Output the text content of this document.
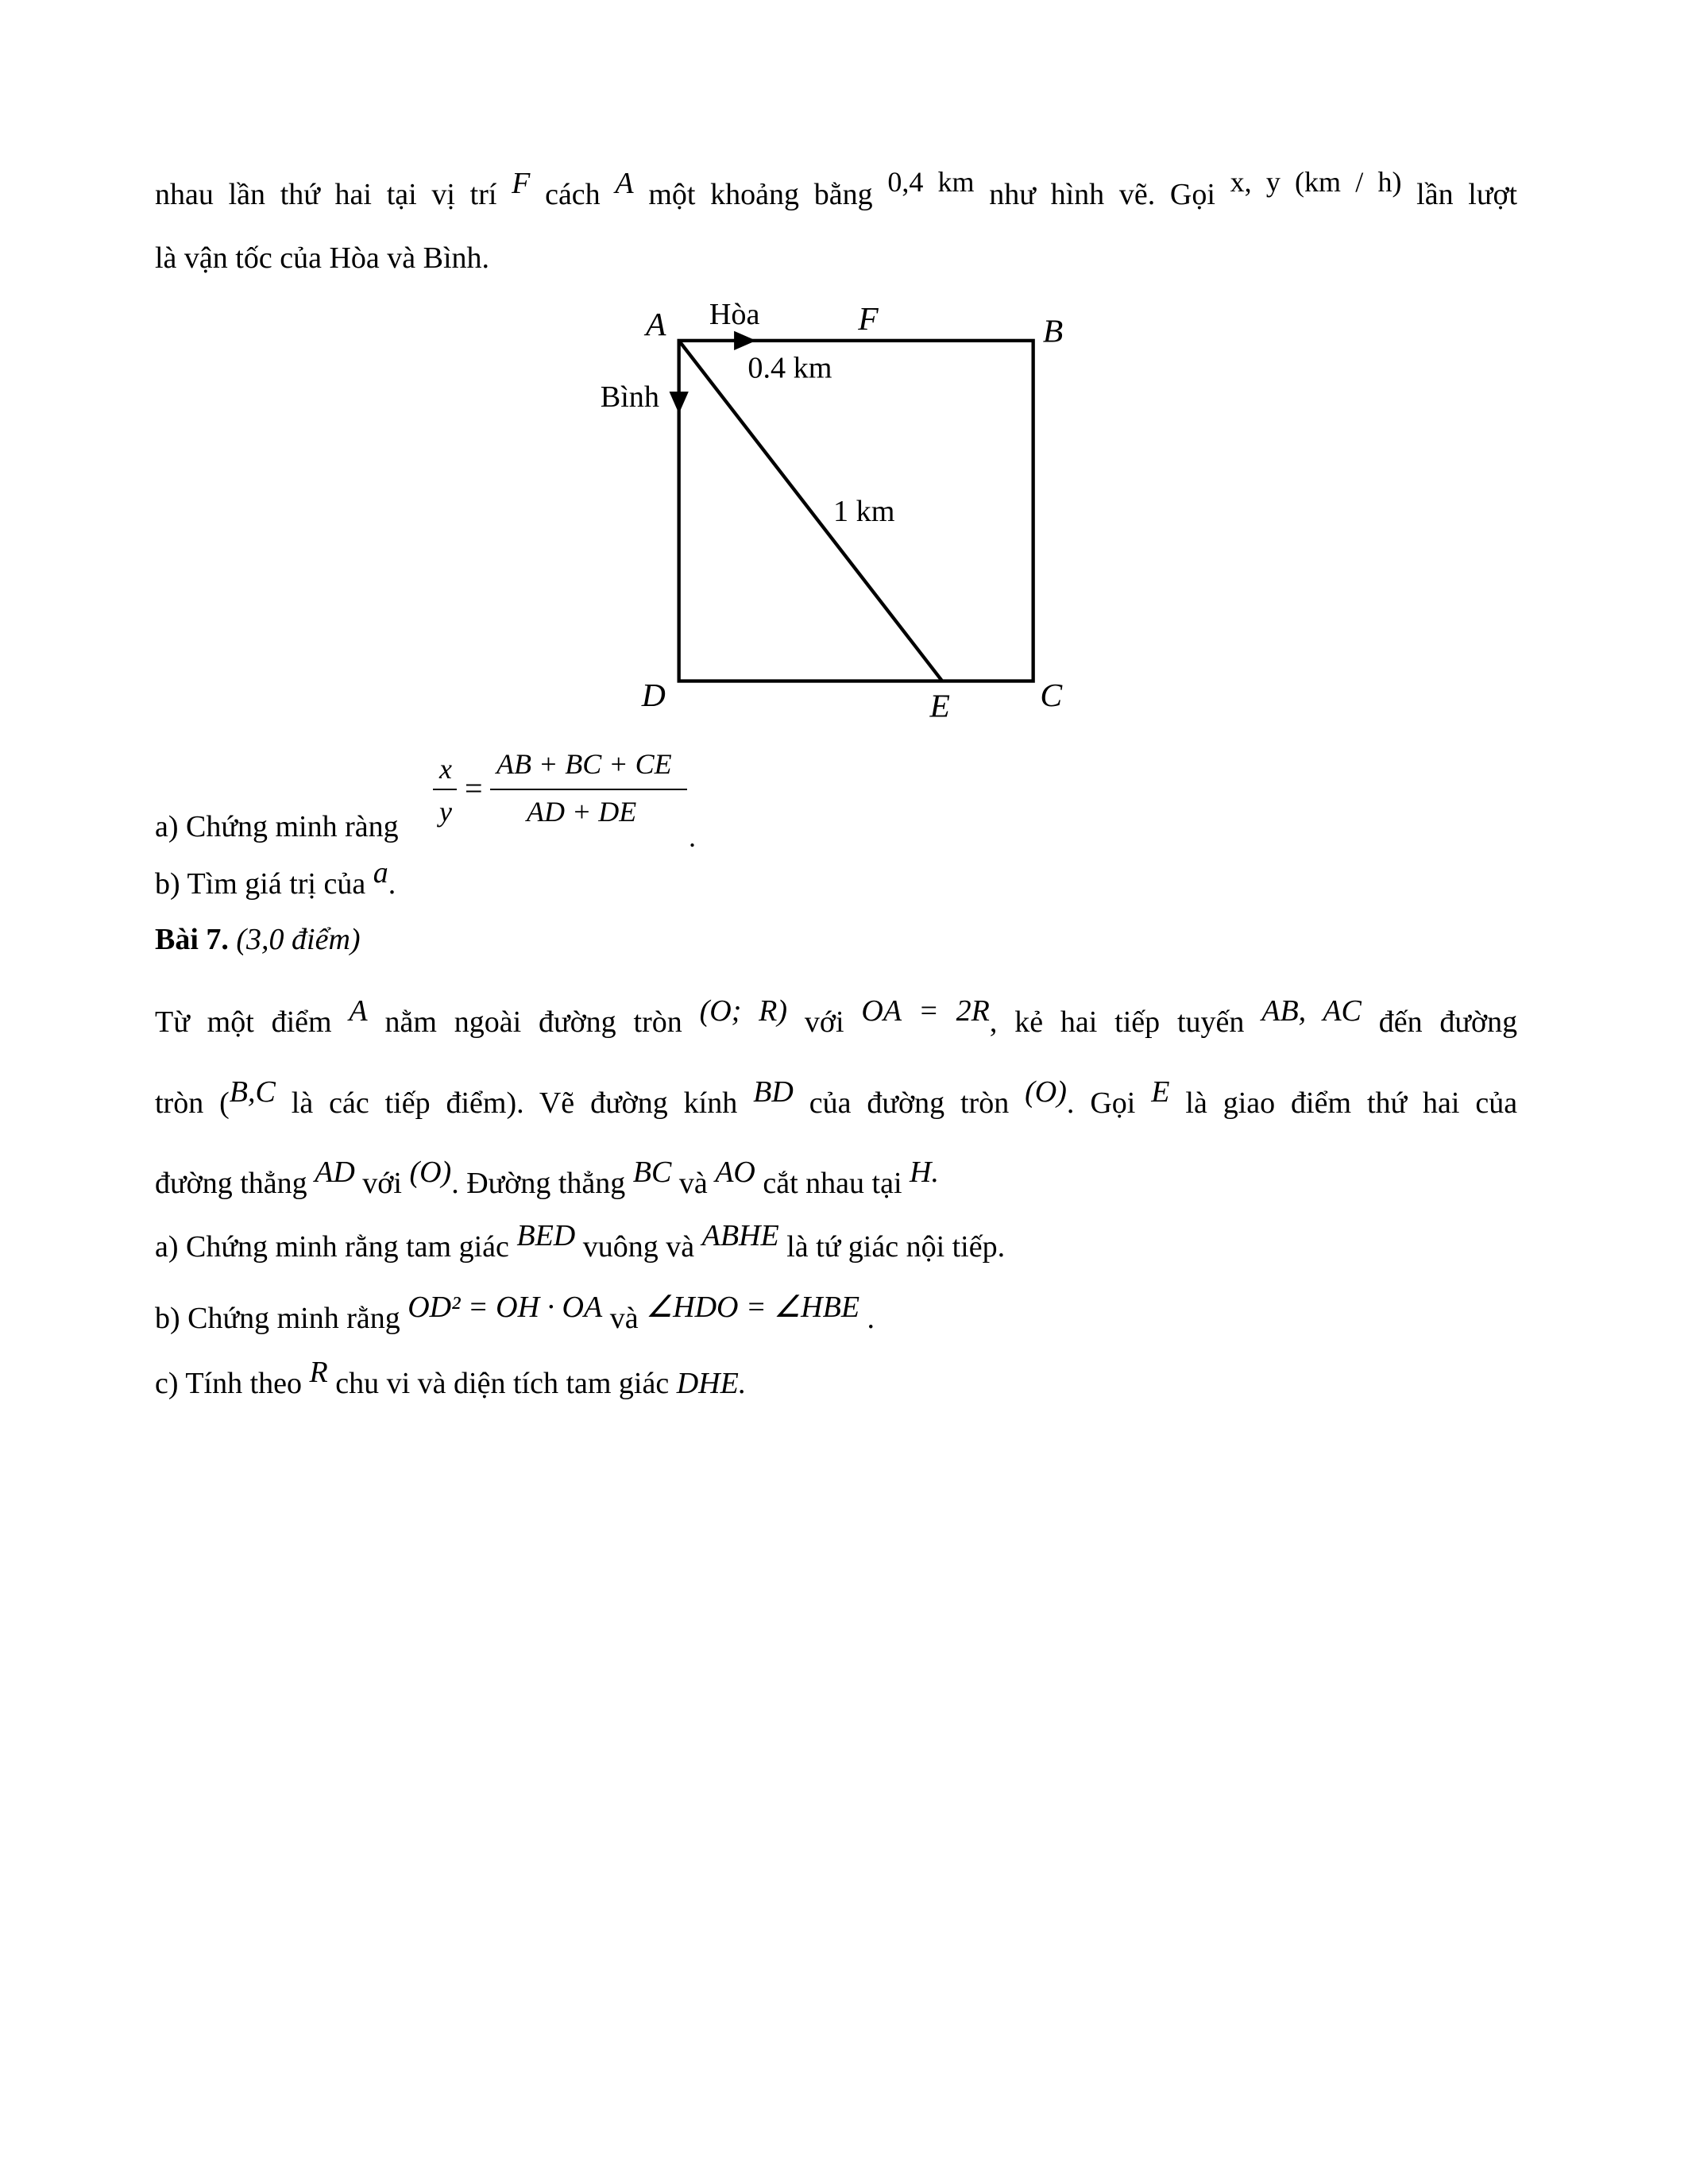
nhau lần thứ hai tại vị trí F cách A một khoảng bằng 0,4 km như hình vẽ. Gọi x, y (km / h) lần lượt
là vận tốc của Hòa và Bình.
A Hòa	F	B
0.4 km
Bình
1 km
D	E	C
a) Chứng minh ràng
x
y
=
AB + BC + CE
AD + DE
.
b) Tìm giá trị của a.
Bài 7. (3,0 điểm)
Từ một điểm A nằm ngoài đường tròn (O; R) với OA = 2R, kẻ hai tiếp tuyến AB, AC đến đường
tròn (B,C là các tiếp điểm). Vẽ đường kính BD của đường tròn (O). Gọi E là giao điểm thứ hai của
đường thẳng AD với (O). Đường thẳng BC và AO cắt nhau tại H.
a) Chứng minh rằng tam giác BED vuông và ABHE là tứ giác nội tiếp.
b) Chứng minh rằng OD² = OH · OA và ∠HDO = ∠HBE .
c) Tính theo R chu vi và diện tích tam giác DHE.
